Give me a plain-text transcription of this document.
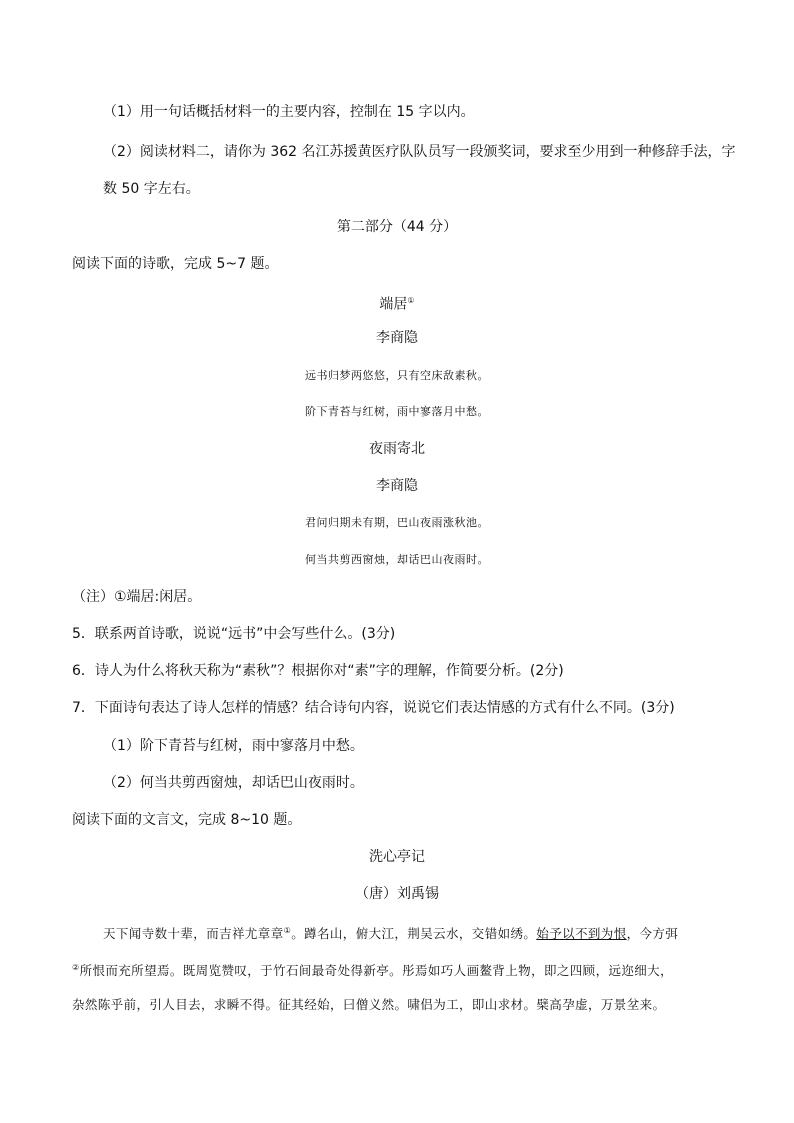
（1）用一句话概括材料一的主要内容，控制在 15 字以内。
（2）阅读材料二，请你为 362 名江苏援黄医疗队队员写一段颁奖词，要求至少用到一种修辞手法，字
数 50 字左右。
第二部分（44 分）
阅读下面的诗歌，完成 5~7 题。
端居①
李商隐
远书归梦两悠悠，只有空床敌素秋。
阶下青苔与红树，雨中寥落月中愁。
夜雨寄北
李商隐
君问归期未有期，巴山夜雨涨秋池。
何当共剪西窗烛，却话巴山夜雨时。
（注）①端居:闲居。
5．联系两首诗歌，说说“远书”中会写些什么。(3分)
6．诗人为什么将秋天称为“素秋”？根据你对“素”字的理解，作简要分析。(2分)
7．下面诗句表达了诗人怎样的情感？结合诗句内容，说说它们表达情感的方式有什么不同。(3分)
（1）阶下青苔与红树，雨中寥落月中愁。
（2）何当共剪西窗烛，却话巴山夜雨时。
阅读下面的文言文，完成 8~10 题。
洗心亭记
（唐）刘禹锡
天下闻寺数十辈，而吉祥尤章章①。蹲名山，俯大江，荆吴云水，交错如绣。始予以不到为恨，今方弭
②所恨而充所望焉。既周览赞叹，于竹石间最奇处得新亭。彤焉如巧人画鳌背上物，即之四顾，远迩细大，
杂然陈乎前，引人目去，求瞬不得。征其经始，曰僧义然。啸侣为工，即山求材。檗高孕虚，万景坌来。
